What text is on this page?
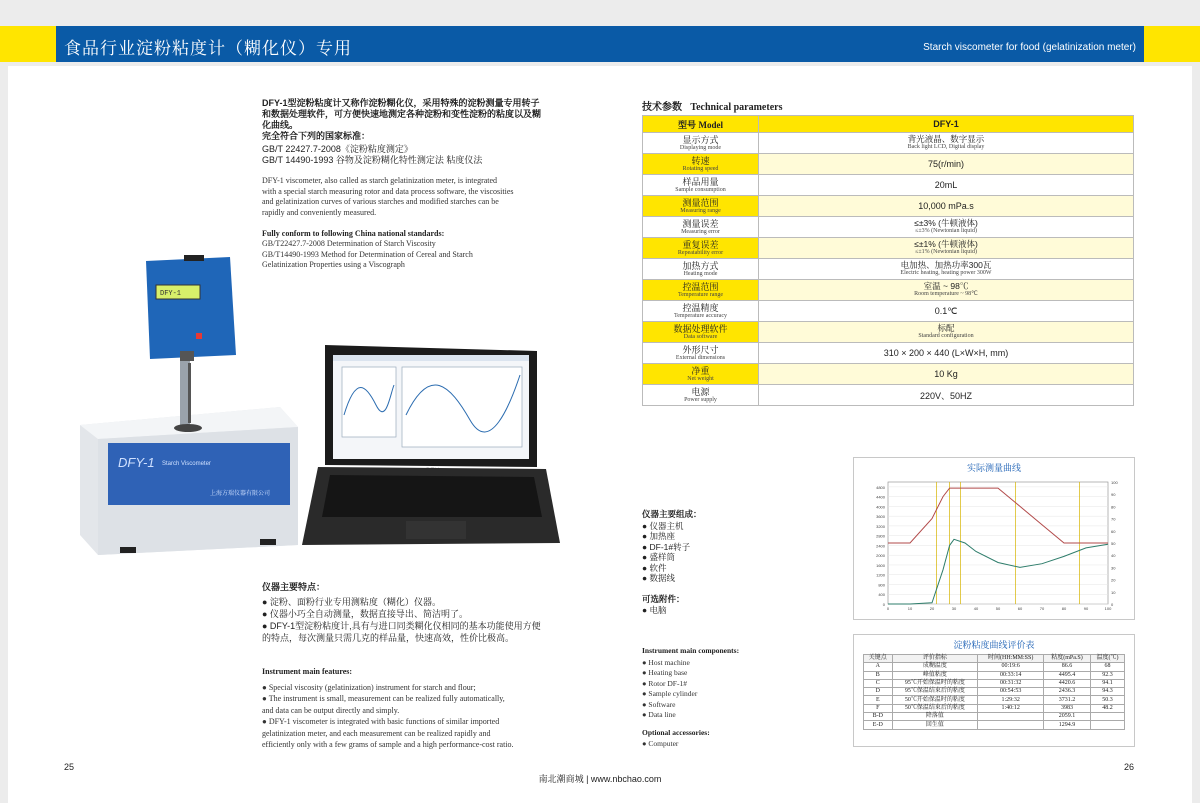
食品行业淀粉粘度计（糊化仪）专用	Starch viscometer for food (gelatinization meter)
DFY-1型淀粉粘度计又称作淀粉糊化仪，采用特殊的淀粉测量专用转子
和数据处理软件，可方便快速地测定各种淀粉和变性淀粉的粘度以及糊
化曲线。
完全符合下列的国家标准：
GB/T 22427.7-2008《淀粉粘度测定》
GB/T 14490-1993 谷物及淀粉糊化特性测定法 粘度仪法
DFY-1 viscometer, also called as starch gelatinization meter, is integrated
with a special starch measuring rotor and data process software, the viscosities
and gelatinization curves of various starches and modified starches can be
rapidly and conveniently measured.
Fully conform to following China national standards:
GB/T22427.7-2008 Determination of Starch Viscosity
GB/T14490-1993 Method for Determination of Cereal and Starch
Gelatinization Properties using a Viscograph
DFY-1 Starch Viscometer
上海方瑞仪器有限公司
DFY-1
仪器主要特点：
● 淀粉、面粉行业专用测粘度（糊化）仪器。
● 仪器小巧全自动测量，数据直接导出、简洁明了。
● DFY-1型淀粉粘度计,具有与进口同类糊化仪相同的基本功能使用方便
的特点，每次测量只需几克的样品量，快速高效，性价比极高。
Instrument main features:
● Special viscosity (gelatinization) instrument for starch and flour;
● The instrument is small, measurement can be realized fully automatically,
and data can be output directly and simply.
● DFY-1 viscometer is integrated with basic functions of similar imported
gelatinization meter, and each measurement can be realized rapidly and
efficiently only with a few grams of sample and a high performance-cost ratio.
25	26
南北潮商城 | www.nbchao.com
技术参数 Technical parameters
型号 Model	DFY-1

显示方式
Displaying mode	背光液晶、数字显示
Back light LCD, Digital display

转速
Rotating speed	75(r/min)

样品用量
Sample consumption	20mL

测量范围
Measuring range	10,000 mPa.s

测量误差
Measuring error	≤±3% (牛顿液体)
≤±3% (Newtonian liquid)

重复误差
Repeatability error	≤±1% (牛顿液体)
≤±1% (Newtonian liquid)

加热方式
Heating mode	电加热、加热功率300瓦
Electric heating, heating power 300W

控温范围
Temperature range	室温 ~ 98℃
Room temperature ~ 98℃

控温精度
Temperature accuracy	0.1℃

数据处理软件
Data software	标配
Standard configuration

外形尺寸
External dimensions	310 × 200 × 440 (L×W×H, mm)

净重
Net weight	10 Kg

电源
Power supply	220V、50HZ
仪器主要组成：
● 仪器主机
● 加热座
● DF-1#转子
● 盛样筒
● 软件
● 数据线
可选附件：
● 电脑
Instrument main components:
● Host machine
● Heating base
● Rotor DF-1#
● Sample cylinder
● Software
● Data line
Optional accessories:
● Computer
实际测量曲线
0
400
800
1200
1600
2000
2400
2800
3200
3600
4000
4400
4800
0
10
20
30
40
50
60
70
80
90
100
0	10	20	30	40	50	60	70	80	90	100
淀粉粘度曲线评价表
关键点	评价指标	时间(HH:MM:SS)	粘度(mPa.S)	温度(℃)
A	成糊温度	00:19:6	86.6	68
B	峰值粘度	00:33:14	4495.4	92.3
C	95℃开始保温时的粘度	00:31:32	4420.6	94.1
D	95℃保温结束后的粘度	00:54:53	2436.3	94.3
E	50℃开始保温时的粘度	1:29:32	3731.2	50.3
F	50℃保温结束后的粘度	1:40:12	3983	48.2
B-D	降落值		2059.1	
E-D	回生值		1294.9	
